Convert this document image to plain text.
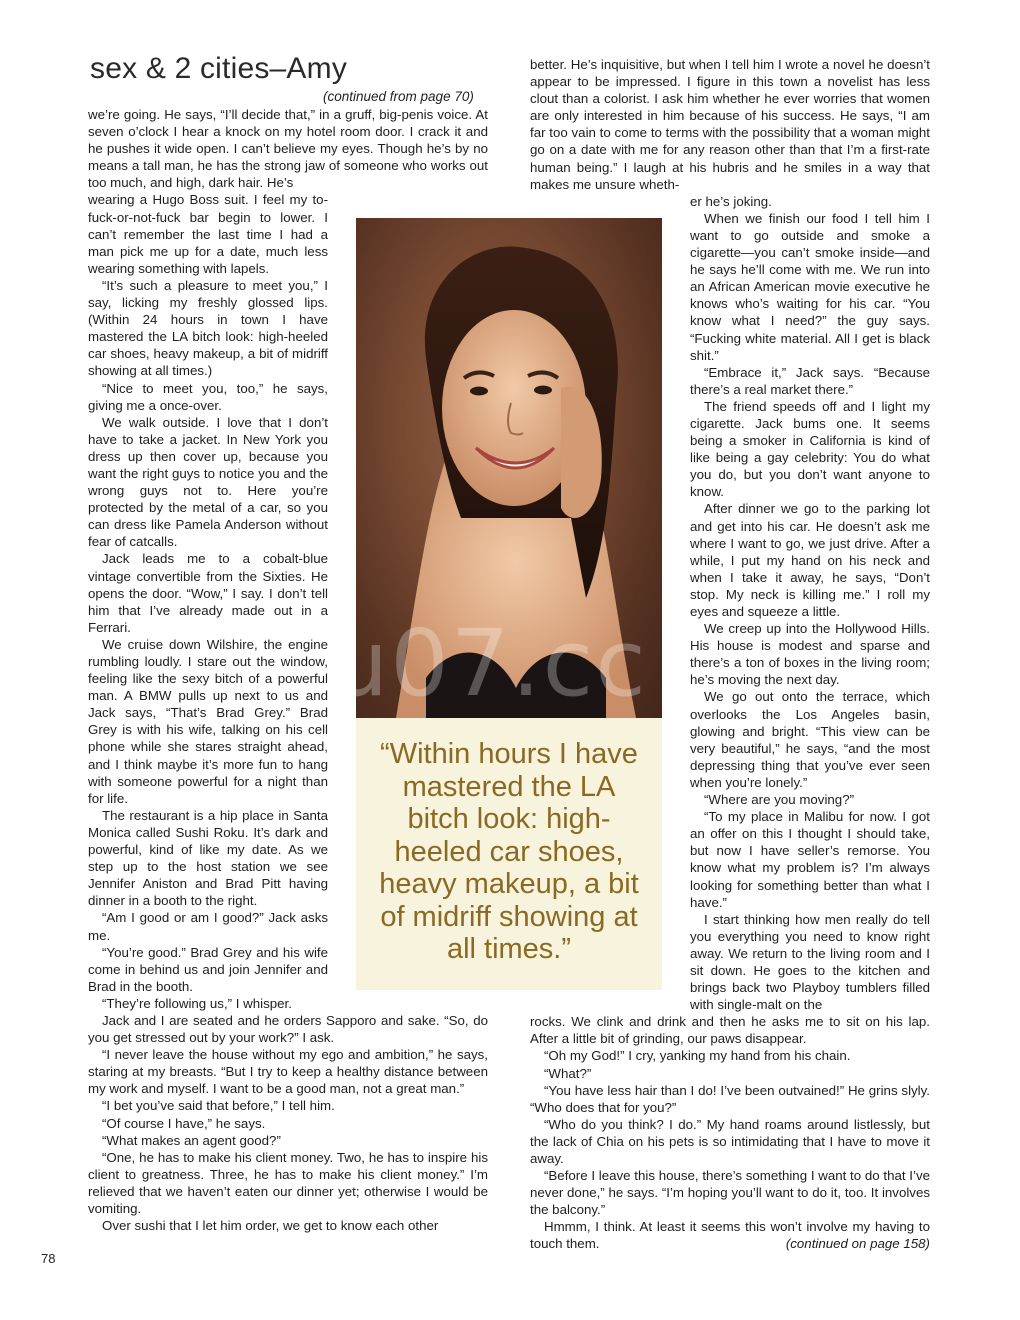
sex & 2 cities–Amy
(continued from page 70)

we’re going. He says, “I’ll decide that,” in a gruff, big-penis voice. At seven o’clock I hear a knock on my hotel room door. I crack it and he pushes it wide open. I can’t believe my eyes. Though he’s by no means a tall man, he has the strong jaw of someone who works out too much, and high, dark hair. He’s

wearing a Hugo Boss suit. I feel my to-fuck-or-not-fuck bar begin to lower. I can’t remember the last time I had a man pick me up for a date, much less wearing something with lapels.

“It’s such a pleasure to meet you,” I say, licking my freshly glossed lips. (Within 24 hours in town I have mastered the LA bitch look: high-heeled car shoes, heavy makeup, a bit of midriff showing at all times.)

“Nice to meet you, too,” he says, giving me a once-over.

We walk outside. I love that I don’t have to take a jacket. In New York you dress up then cover up, because you want the right guys to notice you and the wrong guys not to. Here you’re protected by the metal of a car, so you can dress like Pamela Anderson without fear of catcalls.

Jack leads me to a cobalt-blue vintage convertible from the Sixties. He opens the door. “Wow,” I say. I don’t tell him that I’ve already made out in a Ferrari.

We cruise down Wilshire, the engine rumbling loudly. I stare out the window, feeling like the sexy bitch of a powerful man. A BMW pulls up next to us and Jack says, “That’s Brad Grey.” Brad Grey is with his wife, talking on his cell phone while she stares straight ahead, and I think maybe it’s more fun to hang with someone powerful for a night than for life.

The restaurant is a hip place in Santa Monica called Sushi Roku. It’s dark and powerful, kind of like my date. As we step up to the host station we see Jennifer Aniston and Brad Pitt having dinner in a booth to the right.

“Am I good or am I good?” Jack asks me.

“You’re good.” Brad Grey and his wife come in behind us and join Jennifer and Brad in the booth.

“They’re following us,” I whisper.

Jack and I are seated and he orders Sapporo and sake. “So, do you get stressed out by your work?” I ask.

“I never leave the house without my ego and ambition,” he says, staring at my breasts. “But I try to keep a healthy distance between my work and myself. I want to be a good man, not a great man.”

“I bet you’ve said that before,” I tell him.

“Of course I have,” he says.

“What makes an agent good?”

“One, he has to make his client money. Two, he has to inspire his client to greatness. Three, he has to make his client money.” I’m relieved that we haven’t eaten our dinner yet; otherwise I would be vomiting.

Over sushi that I let him order, we get to know each other

better. He’s inquisitive, but when I tell him I wrote a novel he doesn’t appear to be impressed. I figure in this town a novelist has less clout than a colorist. I ask him whether he ever worries that women are only interested in him because of his success. He says, “I am far too vain to come to terms with the possibility that a woman might go on a date with me for any reason other than that I’m a first-rate human being.” I laugh at his hubris and he smiles in a way that makes me unsure wheth-

er he’s joking.

When we finish our food I tell him I want to go outside and smoke a cigarette—you can’t smoke inside—and he says he’ll come with me. We run into an African American movie executive he knows who’s waiting for his car. “You know what I need?” the guy says. “Fucking white material. All I get is black shit.”

“Embrace it,” Jack says. “Because there’s a real market there.”

The friend speeds off and I light my cigarette. Jack bums one. It seems being a smoker in California is kind of like being a gay celebrity: You do what you do, but you don’t want anyone to know.

After dinner we go to the parking lot and get into his car. He doesn’t ask me where I want to go, we just drive. After a while, I put my hand on his neck and when I take it away, he says, “Don’t stop. My neck is killing me.” I roll my eyes and squeeze a little.

We creep up into the Hollywood Hills. His house is modest and sparse and there’s a ton of boxes in the living room; he’s moving the next day.

We go out onto the terrace, which overlooks the Los Angeles basin, glowing and bright. “This view can be very beautiful,” he says, “and the most depressing thing that you’ve ever seen when you’re lonely.”

“Where are you moving?”

“To my place in Malibu for now. I got an offer on this I thought I should take, but now I have seller’s remorse. You know what my problem is? I’m always looking for something better than what I have.”

I start thinking how men really do tell you everything you need to know right away. We return to the living room and I sit down. He goes to the kitchen and brings back two Playboy tumblers filled with single-malt on the

rocks. We clink and drink and then he asks me to sit on his lap. After a little bit of grinding, our paws disappear.

“Oh my God!” I cry, yanking my hand from his chain.

“What?”

“You have less hair than I do! I’ve been outvained!” He grins slyly. “Who does that for you?”

“Who do you think? I do.” My hand roams around listlessly, but the lack of Chia on his pets is so intimidating that I have to move it away.

“Before I leave this house, there’s something I want to do that I’ve never done,” he says. “I’m hoping you’ll want to do it, too. It involves the balcony.”

Hmmm, I think. At least it seems this won’t involve my having to touch them.	(continued on page 158)

“Within hours I have mastered the LA bitch look: high-heeled car shoes, heavy makeup, a bit of midriff showing at all times.”
u07.cc
78
